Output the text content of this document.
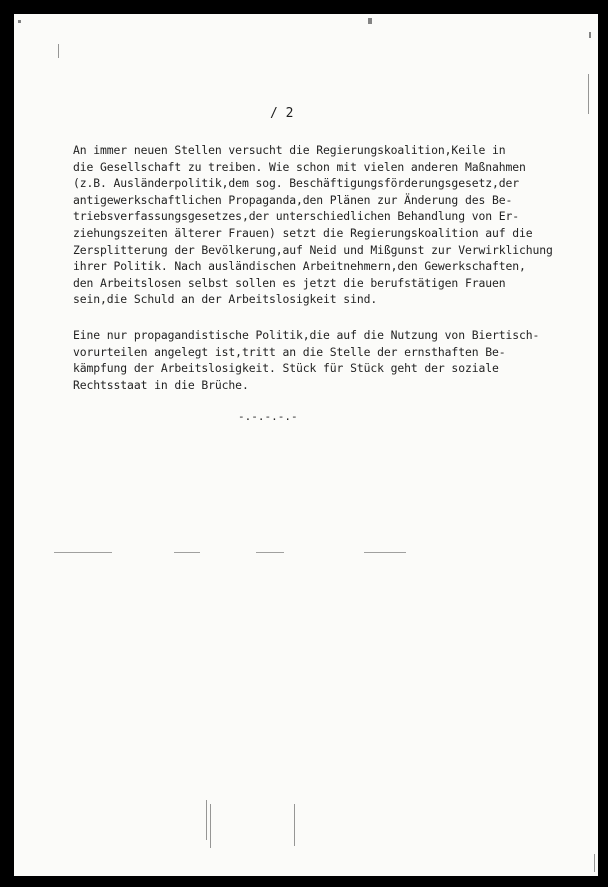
/ 2

An immer neuen Stellen versucht die Regierungskoalition,Keile in
die Gesellschaft zu treiben. Wie schon mit vielen anderen Maßnahmen
(z.B. Ausländerpolitik,dem sog. Beschäftigungsförderungsgesetz,der
antigewerkschaftlichen Propaganda,den Plänen zur Änderung des Be-
triebsverfassungsgesetzes,der unterschiedlichen Behandlung von Er-
ziehungszeiten älterer Frauen) setzt die Regierungskoalition auf die
Zersplitterung der Bevölkerung,auf Neid und Mißgunst zur Verwirklichung
ihrer Politik. Nach ausländischen Arbeitnehmern,den Gewerkschaften,
den Arbeitslosen selbst sollen es jetzt die berufstätigen Frauen
sein,die Schuld an der Arbeitslosigkeit sind.

Eine nur propagandistische Politik,die auf die Nutzung von Biertisch-
vorurteilen angelegt ist,tritt an die Stelle der ernsthaften Be-
kämpfung der Arbeitslosigkeit. Stück für Stück geht der soziale
Rechtsstaat in die Brüche.

-.-.-.-.-
